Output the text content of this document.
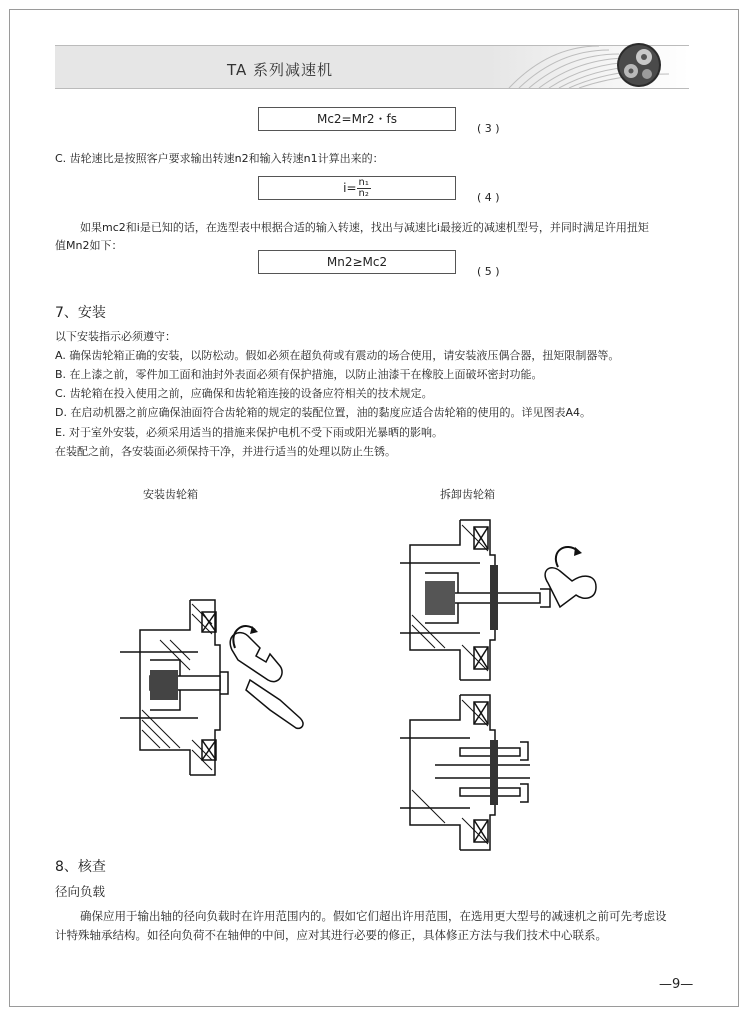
TA 系列减速机
Mc2=Mr2・fs
( 3 )
C. 齿轮速比是按照客户要求输出转速n2和输入转速n1计算出来的：
$i= \frac{\text{n₁}}{\text{n₂}}$	( 4 )
如果mc2和i是已知的话，在选型表中根据合适的输入转速，找出与减速比i最接近的减速机型号，并同时满足许用扭矩
值Mn2如下：
Mn2≥Mc2
( 5 )
7、安装
以下安装指示必须遵守：
A. 确保齿轮箱正确的安装，以防松动。假如必须在超负荷或有震动的场合使用，请安装液压偶合器，扭矩限制器等。
B. 在上漆之前，零件加工面和油封外表面必须有保护措施，以防止油漆干在橡胶上面破坏密封功能。
C. 齿轮箱在投入使用之前，应确保和齿轮箱连接的设备应符相关的技术规定。
D. 在启动机器之前应确保油面符合齿轮箱的规定的装配位置，油的黏度应适合齿轮箱的使用的。详见图表A4。
E. 对于室外安装，必须采用适当的措施来保护电机不受下雨或阳光暴晒的影响。
在装配之前，各安装面必须保持干净，并进行适当的处理以防止生锈。
安装齿轮箱	拆卸齿轮箱
8、核查
径向负载
确保应用于输出轴的径向负载时在许用范围内的。假如它们超出许用范围，在选用更大型号的减速机之前可先考虑设
计特殊轴承结构。如径向负荷不在轴伸的中间，应对其进行必要的修正，具体修正方法与我们技术中心联系。
—9—
